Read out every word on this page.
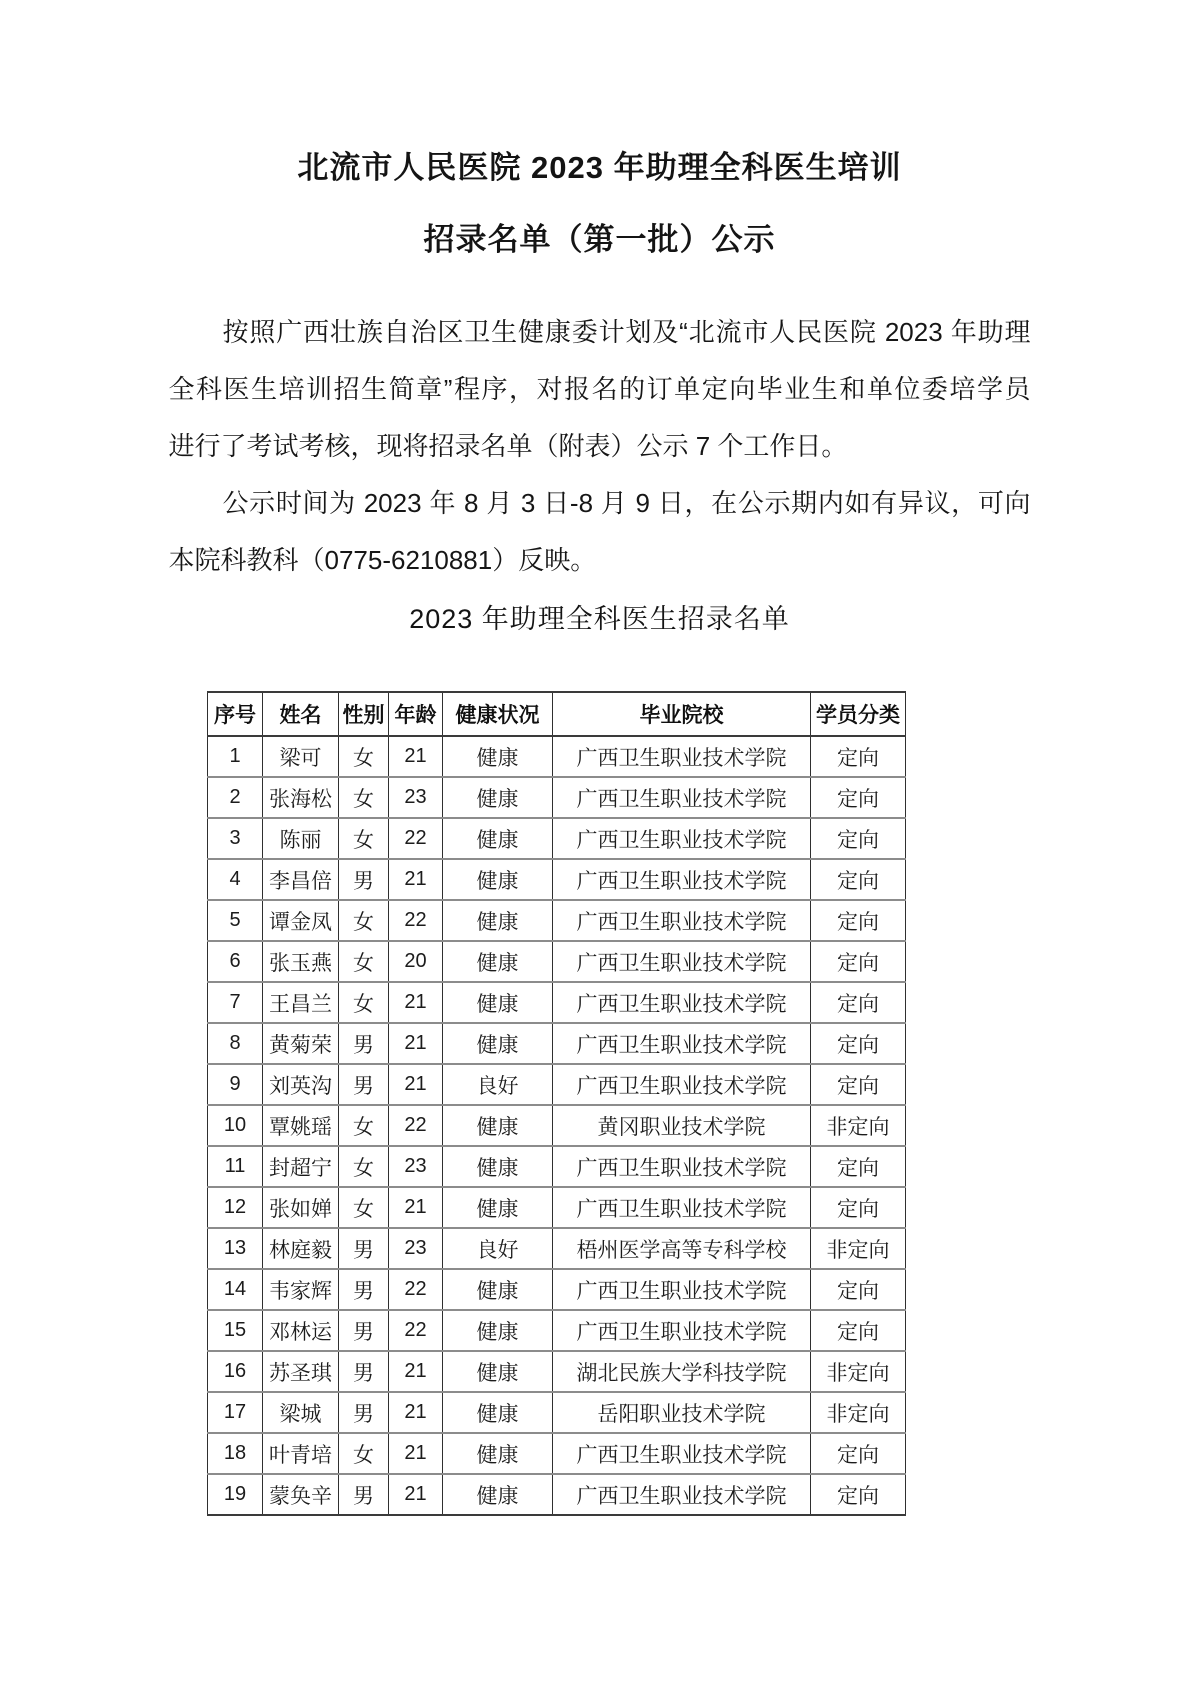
北流市人民医院 2023 年助理全科医生培训
招录名单（第一批）公示
按照广西壮族自治区卫生健康委计划及“北流市人民医院 2023 年助理
全科医生培训招生简章”程序，对报名的订单定向毕业生和单位委培学员
进行了考试考核，现将招录名单（附表）公示 7 个工作日。
公示时间为 2023 年 8 月 3 日-8 月 9 日，在公示期内如有异议，可向
本院科教科（0775-6210881）反映。
2023 年助理全科医生招录名单
序号	姓名	性别	年龄	健康状况	毕业院校	学员分类
1	梁可	女	21	健康	广西卫生职业技术学院	定向
2	张海松	女	23	健康	广西卫生职业技术学院	定向
3	陈丽	女	22	健康	广西卫生职业技术学院	定向
4	李昌倍	男	21	健康	广西卫生职业技术学院	定向
5	谭金凤	女	22	健康	广西卫生职业技术学院	定向
6	张玉燕	女	20	健康	广西卫生职业技术学院	定向
7	王昌兰	女	21	健康	广西卫生职业技术学院	定向
8	黄菊荣	男	21	健康	广西卫生职业技术学院	定向
9	刘英沟	男	21	良好	广西卫生职业技术学院	定向
10	覃姚瑶	女	22	健康	黄冈职业技术学院	非定向
11	封超宁	女	23	健康	广西卫生职业技术学院	定向
12	张如婵	女	21	健康	广西卫生职业技术学院	定向
13	林庭毅	男	23	良好	梧州医学高等专科学校	非定向
14	韦家辉	男	22	健康	广西卫生职业技术学院	定向
15	邓林运	男	22	健康	广西卫生职业技术学院	定向
16	苏圣琪	男	21	健康	湖北民族大学科技学院	非定向
17	梁城	男	21	健康	岳阳职业技术学院	非定向
18	叶青培	女	21	健康	广西卫生职业技术学院	定向
19	蒙奂辛	男	21	健康	广西卫生职业技术学院	定向
